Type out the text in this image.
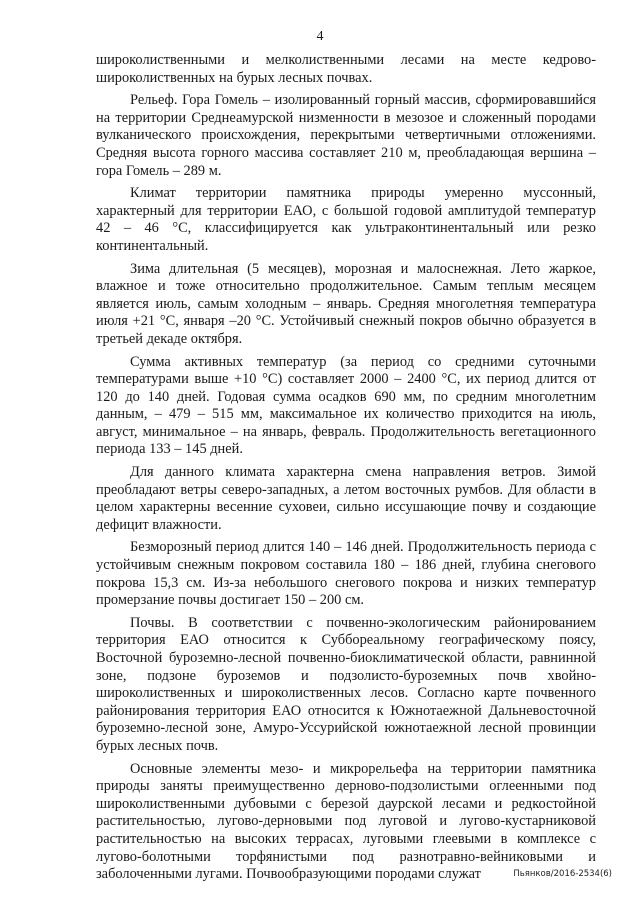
4

широколиственными и мелколиственными лесами на месте кедрово-широколиственных на бурых лесных почвах.

Рельеф. Гора Гомель – изолированный горный массив, сформировавшийся на территории Среднеамурской низменности в мезозое и сложенный породами вулканического происхождения, перекрытыми четвертичными отложениями. Средняя высота горного массива составляет 210 м, преобладающая вершина – гора Гомель – 289 м.

Климат территории памятника природы умеренно муссонный, характерный для территории ЕАО, с большой годовой амплитудой температур 42 – 46 °С, классифицируется как ультраконтинентальный или резко континентальный.

Зима длительная (5 месяцев), морозная и малоснежная. Лето жаркое, влажное и тоже относительно продолжительное. Самым теплым месяцем является июль, самым холодным – январь. Средняя многолетняя температура июля +21 °С, января –20 °С. Устойчивый снежный покров обычно образуется в третьей декаде октября.

Сумма активных температур (за период со средними суточными температурами выше +10 °С) составляет 2000 – 2400 °С, их период длится от 120 до 140 дней. Годовая сумма осадков 690 мм, по средним многолетним данным, – 479 – 515 мм, максимальное их количество приходится на июль, август, минимальное – на январь, февраль. Продолжительность вегетационного периода 133 – 145 дней.

Для данного климата характерна смена направления ветров. Зимой преобладают ветры северо-западных, а летом восточных румбов. Для области в целом характерны весенние суховеи, сильно иссушающие почву и создающие дефицит влажности.

Безморозный период длится 140 – 146 дней. Продолжительность периода с устойчивым снежным покровом составила 180 – 186 дней, глубина снегового покрова 15,3 см. Из-за небольшого снегового покрова и низких температур промерзание почвы достигает 150 – 200 см.

Почвы. В соответствии с почвенно-экологическим районированием территория ЕАО относится к Суббореальному географическому поясу, Восточной буроземно-лесной почвенно-биоклиматической области, равнинной зоне, подзоне буроземов и подзолисто-буроземных почв хвойно-широколиственных и широколиственных лесов. Согласно карте почвенного районирования территория ЕАО относится к Южнотаежной Дальневосточной буроземно-лесной зоне, Амуро-Уссурийской южнотаежной лесной провинции бурых лесных почв.

Основные элементы мезо- и микрорельефа на территории памятника природы заняты преимущественно дерново-подзолистыми оглеенными под широколиственными дубовыми с березой даурской лесами и редкостойной растительностью, лугово-дерновыми под луговой и лугово-кустарниковой растительностью на высоких террасах, луговыми глеевыми в комплексе с лугово-болотными торфянистыми под разнотравно-вейниковыми и заболоченными лугами. Почвообразующими породами служат	Пьянков/2016-2534(6)
